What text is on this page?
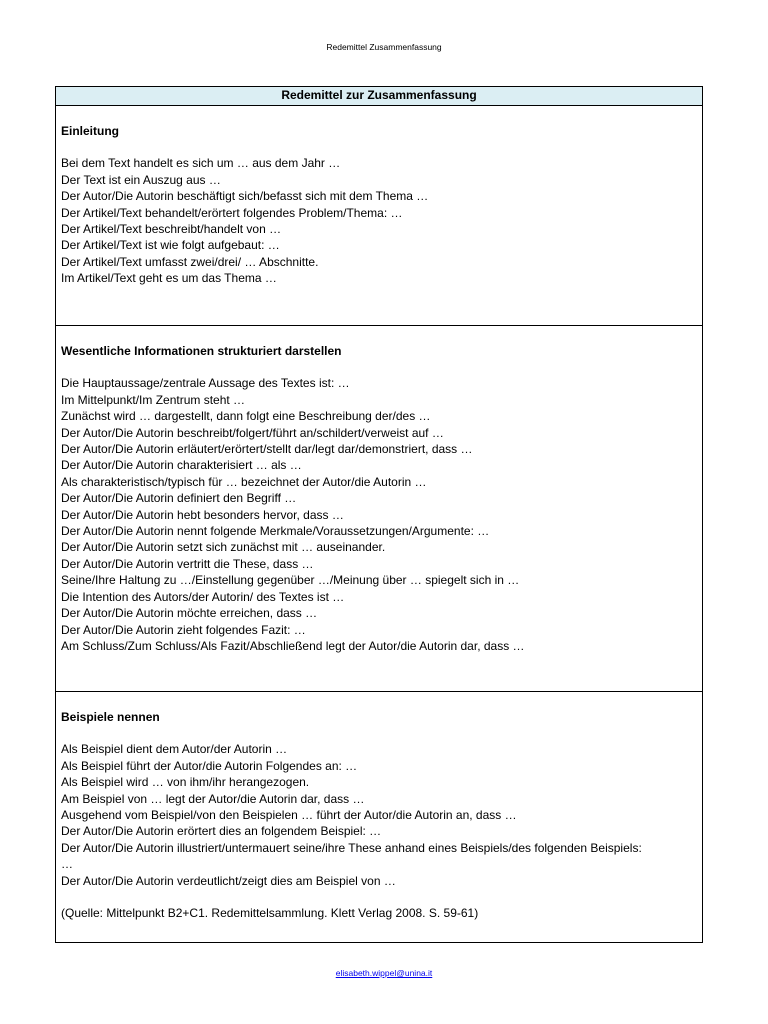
Redemittel Zusammenfassung
Redemittel zur Zusammenfassung
Einleitung
Bei dem Text handelt es sich um … aus dem Jahr …
Der Text ist ein Auszug aus …
Der Autor/Die Autorin beschäftigt sich/befasst sich mit dem Thema …
Der Artikel/Text behandelt/erörtert folgendes Problem/Thema: …
Der Artikel/Text beschreibt/handelt von …
Der Artikel/Text ist wie folgt aufgebaut: …
Der Artikel/Text umfasst zwei/drei/ … Abschnitte.
Im Artikel/Text geht es um das Thema …
Wesentliche Informationen strukturiert darstellen
Die Hauptaussage/zentrale Aussage des Textes ist: …
Im Mittelpunkt/Im Zentrum steht …
Zunächst wird … dargestellt, dann folgt eine Beschreibung der/des …
Der Autor/Die Autorin beschreibt/folgert/führt an/schildert/verweist auf …
Der Autor/Die Autorin erläutert/erörtert/stellt dar/legt dar/demonstriert, dass …
Der Autor/Die Autorin charakterisiert … als …
Als charakteristisch/typisch für … bezeichnet der Autor/die Autorin …
Der Autor/Die Autorin definiert den Begriff …
Der Autor/Die Autorin hebt besonders hervor, dass …
Der Autor/Die Autorin nennt folgende Merkmale/Voraussetzungen/Argumente: …
Der Autor/Die Autorin setzt sich zunächst mit … auseinander.
Der Autor/Die Autorin vertritt die These, dass …
Seine/Ihre Haltung zu …/Einstellung gegenüber …/Meinung über … spiegelt sich in …
Die Intention des Autors/der Autorin/ des Textes ist …
Der Autor/Die Autorin möchte erreichen, dass …
Der Autor/Die Autorin zieht folgendes Fazit: …
Am Schluss/Zum Schluss/Als Fazit/Abschließend legt der Autor/die Autorin dar, dass …
Beispiele nennen
Als Beispiel dient dem Autor/der Autorin …
Als Beispiel führt der Autor/die Autorin Folgendes an: …
Als Beispiel wird … von ihm/ihr herangezogen.
Am Beispiel von … legt der Autor/die Autorin dar, dass …
Ausgehend vom Beispiel/von den Beispielen … führt der Autor/die Autorin an, dass …
Der Autor/Die Autorin erörtert dies an folgendem Beispiel: …
Der Autor/Die Autorin illustriert/untermauert seine/ihre These anhand eines Beispiels/des folgenden Beispiels:
…
Der Autor/Die Autorin verdeutlicht/zeigt dies am Beispiel von …
(Quelle: Mittelpunkt B2+C1. Redemittelsammlung. Klett Verlag 2008. S. 59-61)
elisabeth.wippel@unina.it
